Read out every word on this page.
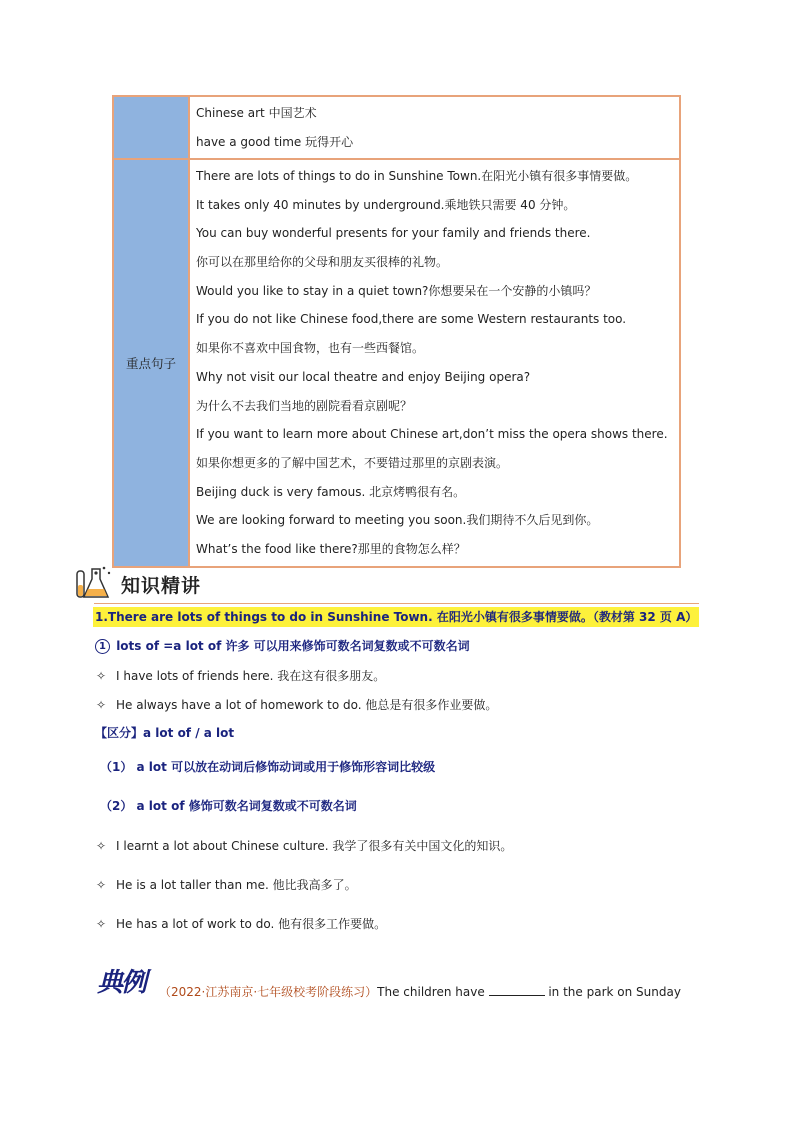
Chinese art 中国艺术
have a good time 玩得开心
重点句子
There are lots of things to do in Sunshine Town.在阳光小镇有很多事情要做。
It takes only 40 minutes by underground.乘地铁只需要 40 分钟。
You can buy wonderful presents for your family and friends there.
你可以在那里给你的父母和朋友买很棒的礼物。
Would you like to stay in a quiet town?你想要呆在一个安静的小镇吗？
If you do not like Chinese food,there are some Western restaurants too.
如果你不喜欢中国食物，也有一些西餐馆。
Why not visit our local theatre and enjoy Beijing opera?
为什么不去我们当地的剧院看看京剧呢？
If you want to learn more about Chinese art,don’t miss the opera shows there.
如果你想更多的了解中国艺术，不要错过那里的京剧表演。
Beijing duck is very famous. 北京烤鸭很有名。
We are looking forward to meeting you soon.我们期待不久后见到你。
What’s the food like there?那里的食物怎么样？
知识精讲
1.There are lots of things to do in Sunshine Town. 在阳光小镇有很多事情要做。（教材第 32 页 A）
1 lots of =a lot of 许多 可以用来修饰可数名词复数或不可数名词
✧ I have lots of friends here. 我在这有很多朋友。
✧ He always have a lot of homework to do. 他总是有很多作业要做。
【区分】a lot of / a lot
（1） a lot 可以放在动词后修饰动词或用于修饰形容词比较级
（2） a lot of 修饰可数名词复数或不可数名词
✧ I learnt a lot about Chinese culture. 我学了很多有关中国文化的知识。
✧ He is a lot taller than me. 他比我高多了。
✧ He has a lot of work to do. 他有很多工作要做。
典例 （2022·江苏南京·七年级校考阶段练习）The children have	in the park on Sunday
